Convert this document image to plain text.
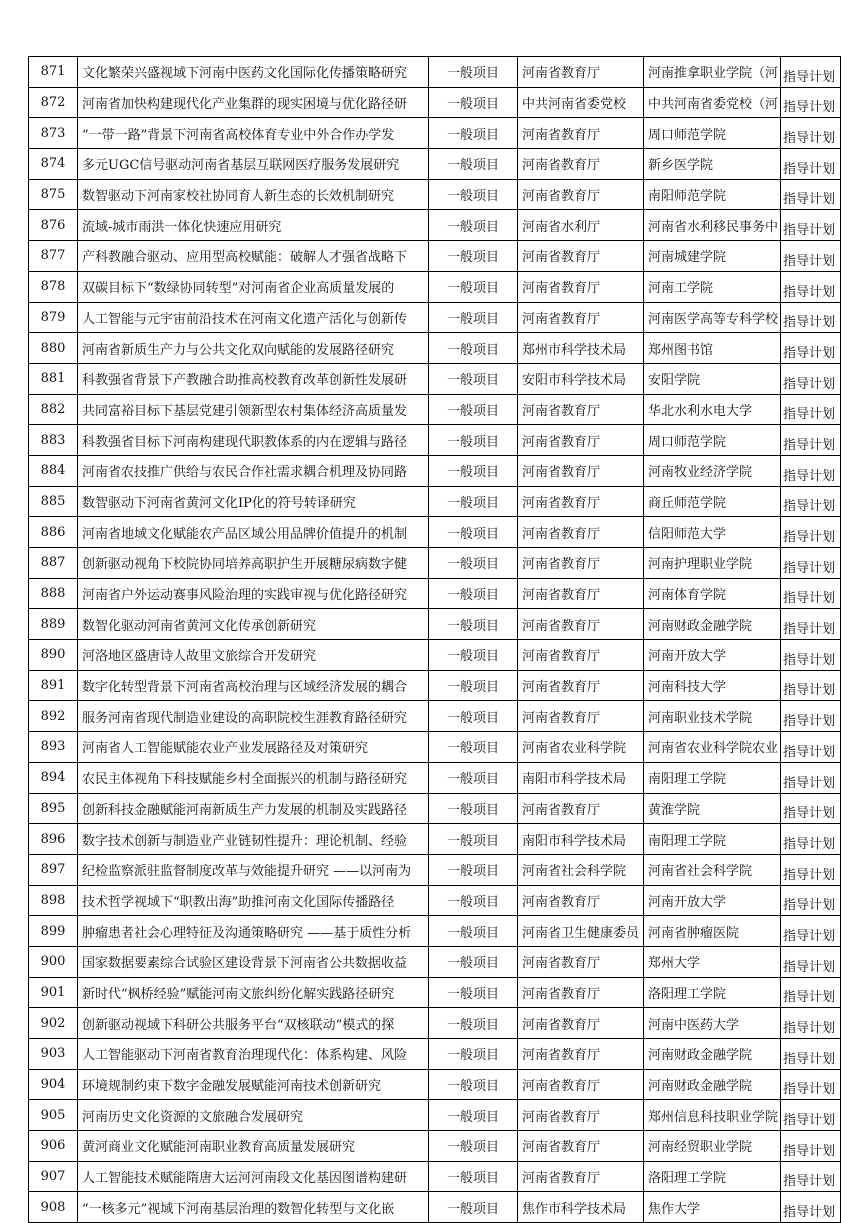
871	文化繁荣兴盛视域下河南中医药文化国际化传播策略研究	一般项目	河南省教育厅	河南推拿职业学院（河	指导计划
872	河南省加快构建现代化产业集群的现实困境与优化路径研	一般项目	中共河南省委党校	中共河南省委党校（河	指导计划
873	“一带一路”背景下河南省高校体育专业中外合作办学发	一般项目	河南省教育厅	周口师范学院	指导计划
874	多元UGC信号驱动河南省基层互联网医疗服务发展研究	一般项目	河南省教育厅	新乡医学院	指导计划
875	数智驱动下河南家校社协同育人新生态的长效机制研究	一般项目	河南省教育厅	南阳师范学院	指导计划
876	流域-城市雨洪一体化快速应用研究	一般项目	河南省水利厅	河南省水利移民事务中	指导计划
877	产科教融合驱动、应用型高校赋能：破解人才强省战略下	一般项目	河南省教育厅	河南城建学院	指导计划
878	双碳目标下“数绿协同转型”对河南省企业高质量发展的	一般项目	河南省教育厅	河南工学院	指导计划
879	人工智能与元宇宙前沿技术在河南文化遗产活化与创新传	一般项目	河南省教育厅	河南医学高等专科学校	指导计划
880	河南省新质生产力与公共文化双向赋能的发展路径研究	一般项目	郑州市科学技术局	郑州图书馆	指导计划
881	科教强省背景下产教融合助推高校教育改革创新性发展研	一般项目	安阳市科学技术局	安阳学院	指导计划
882	共同富裕目标下基层党建引领新型农村集体经济高质量发	一般项目	河南省教育厅	华北水利水电大学	指导计划
883	科教强省目标下河南构建现代职教体系的内在逻辑与路径	一般项目	河南省教育厅	周口师范学院	指导计划
884	河南省农技推广供给与农民合作社需求耦合机理及协同路	一般项目	河南省教育厅	河南牧业经济学院	指导计划
885	数智驱动下河南省黄河文化IP化的符号转译研究	一般项目	河南省教育厅	商丘师范学院	指导计划
886	河南省地域文化赋能农产品区域公用品牌价值提升的机制	一般项目	河南省教育厅	信阳师范大学	指导计划
887	创新驱动视角下校院协同培养高职护生开展糖尿病数字健	一般项目	河南省教育厅	河南护理职业学院	指导计划
888	河南省户外运动赛事风险治理的实践审视与优化路径研究	一般项目	河南省教育厅	河南体育学院	指导计划
889	数智化驱动河南省黄河文化传承创新研究	一般项目	河南省教育厅	河南财政金融学院	指导计划
890	河洛地区盛唐诗人故里文旅综合开发研究	一般项目	河南省教育厅	河南开放大学	指导计划
891	数字化转型背景下河南省高校治理与区域经济发展的耦合	一般项目	河南省教育厅	河南科技大学	指导计划
892	服务河南省现代制造业建设的高职院校生涯教育路径研究	一般项目	河南省教育厅	河南职业技术学院	指导计划
893	河南省人工智能赋能农业产业发展路径及对策研究	一般项目	河南省农业科学院	河南省农业科学院农业	指导计划
894	农民主体视角下科技赋能乡村全面振兴的机制与路径研究	一般项目	南阳市科学技术局	南阳理工学院	指导计划
895	创新科技金融赋能河南新质生产力发展的机制及实践路径	一般项目	河南省教育厅	黄淮学院	指导计划
896	数字技术创新与制造业产业链韧性提升：理论机制、经验	一般项目	南阳市科学技术局	南阳理工学院	指导计划
897	纪检监察派驻监督制度改革与效能提升研究 ——以河南为	一般项目	河南省社会科学院	河南省社会科学院	指导计划
898	技术哲学视域下“职教出海”助推河南文化国际传播路径	一般项目	河南省教育厅	河南开放大学	指导计划
899	肿瘤患者社会心理特征及沟通策略研究 ——基于质性分析	一般项目	河南省卫生健康委员	河南省肿瘤医院	指导计划
900	国家数据要素综合试验区建设背景下河南省公共数据收益	一般项目	河南省教育厅	郑州大学	指导计划
901	新时代“枫桥经验”赋能河南文旅纠纷化解实践路径研究	一般项目	河南省教育厅	洛阳理工学院	指导计划
902	创新驱动视域下科研公共服务平台“双核联动”模式的探	一般项目	河南省教育厅	河南中医药大学	指导计划
903	人工智能驱动下河南省教育治理现代化：体系构建、风险	一般项目	河南省教育厅	河南财政金融学院	指导计划
904	环境规制约束下数字金融发展赋能河南技术创新研究	一般项目	河南省教育厅	河南财政金融学院	指导计划
905	河南历史文化资源的文旅融合发展研究	一般项目	河南省教育厅	郑州信息科技职业学院	指导计划
906	黄河商业文化赋能河南职业教育高质量发展研究	一般项目	河南省教育厅	河南经贸职业学院	指导计划
907	人工智能技术赋能隋唐大运河河南段文化基因图谱构建研	一般项目	河南省教育厅	洛阳理工学院	指导计划
908	“一核多元”视域下河南基层治理的数智化转型与文化嵌	一般项目	焦作市科学技术局	焦作大学	指导计划
